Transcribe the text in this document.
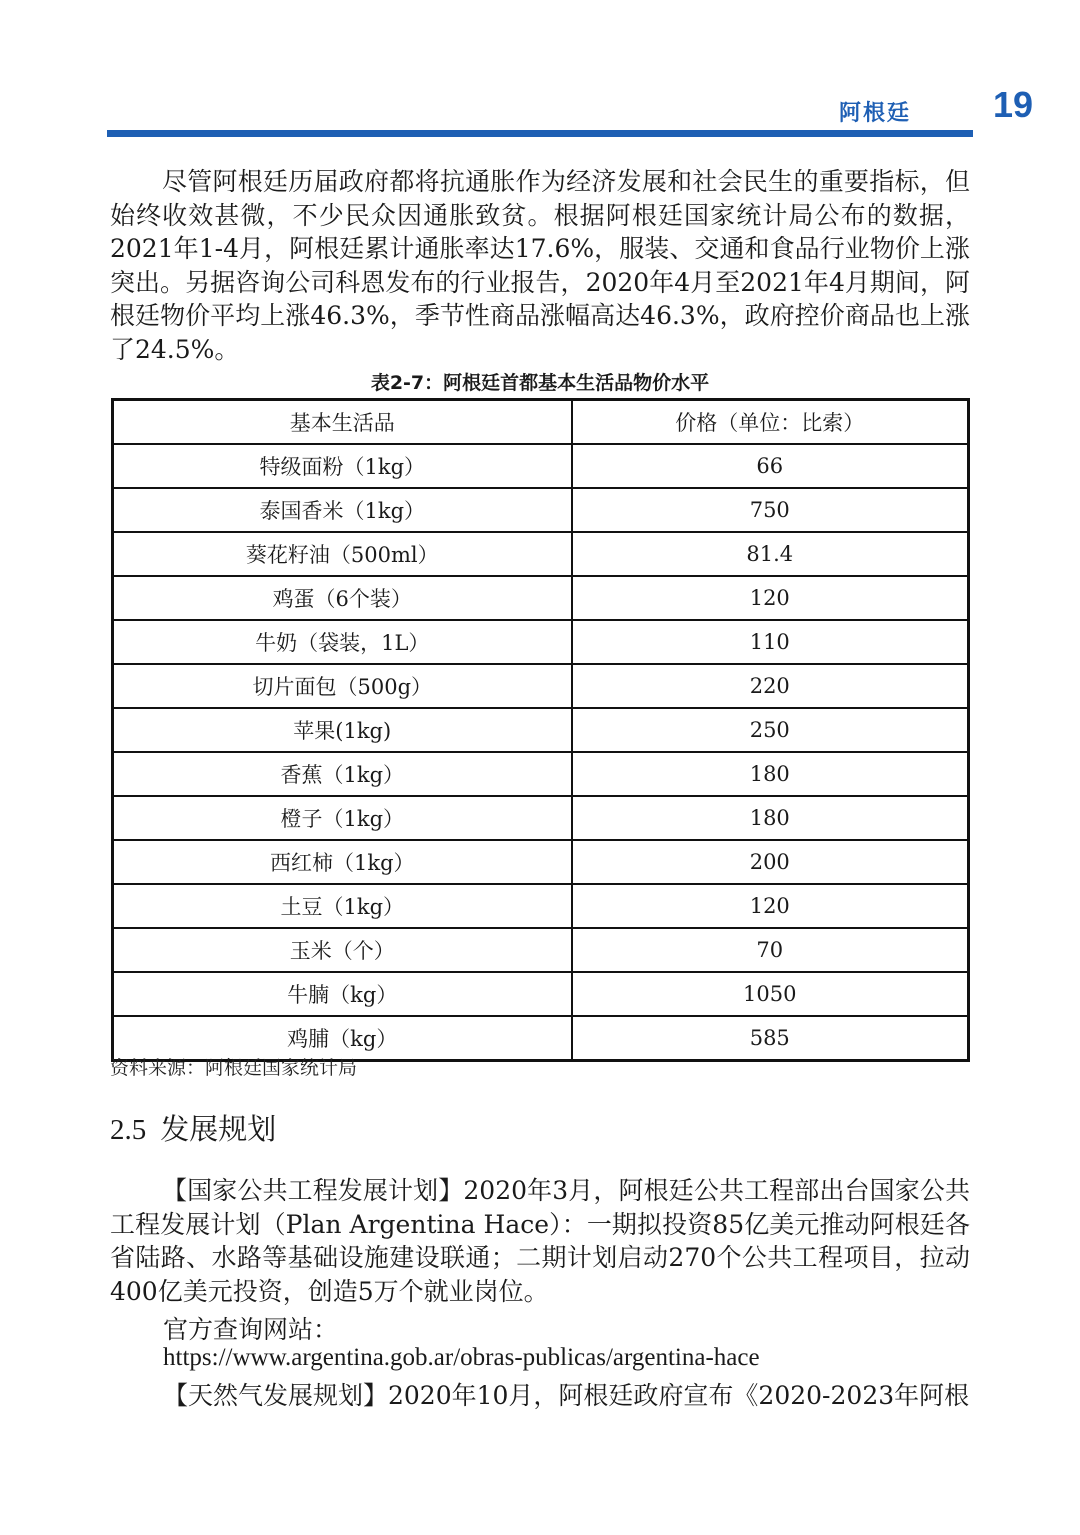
阿根廷 19

尽管阿根廷历届政府都将抗通胀作为经济发展和社会民生的重要指标，但始终收效甚微，不少民众因通胀致贫。根据阿根廷国家统计局公布的数据，2021年1-4月，阿根廷累计通胀率达17.6%，服装、交通和食品行业物价上涨突出。另据咨询公司科恩发布的行业报告，2020年4月至2021年4月期间，阿根廷物价平均上涨46.3%，季节性商品涨幅高达46.3%，政府控价商品也上涨了24.5%。

表2-7：阿根廷首都基本生活品物价水平
基本生活品	价格（单位：比索）
特级面粉（1kg）	66
泰国香米（1kg）	750
葵花籽油（500ml）	81.4
鸡蛋（6个装）	120
牛奶（袋装，1L）	110
切片面包（500g）	220
苹果(1kg)	250
香蕉（1kg）	180
橙子（1kg）	180
西红柿（1kg）	200
土豆（1kg）	120
玉米（个）	70
牛腩（kg）	1050
鸡脯（kg）	585
资料来源：阿根廷国家统计局
2.5 发展规划

【国家公共工程发展计划】2020年3月，阿根廷公共工程部出台国家公共工程发展计划（Plan Argentina Hace）：一期拟投资85亿美元推动阿根廷各省陆路、水路等基础设施建设联通；二期计划启动270个公共工程项目，拉动400亿美元投资，创造5万个就业岗位。

官方查询网站：

https://www.argentina.gob.ar/obras-publicas/argentina-hace

【天然气发展规划】2020年10月，阿根廷政府宣布《2020-2023年阿根
